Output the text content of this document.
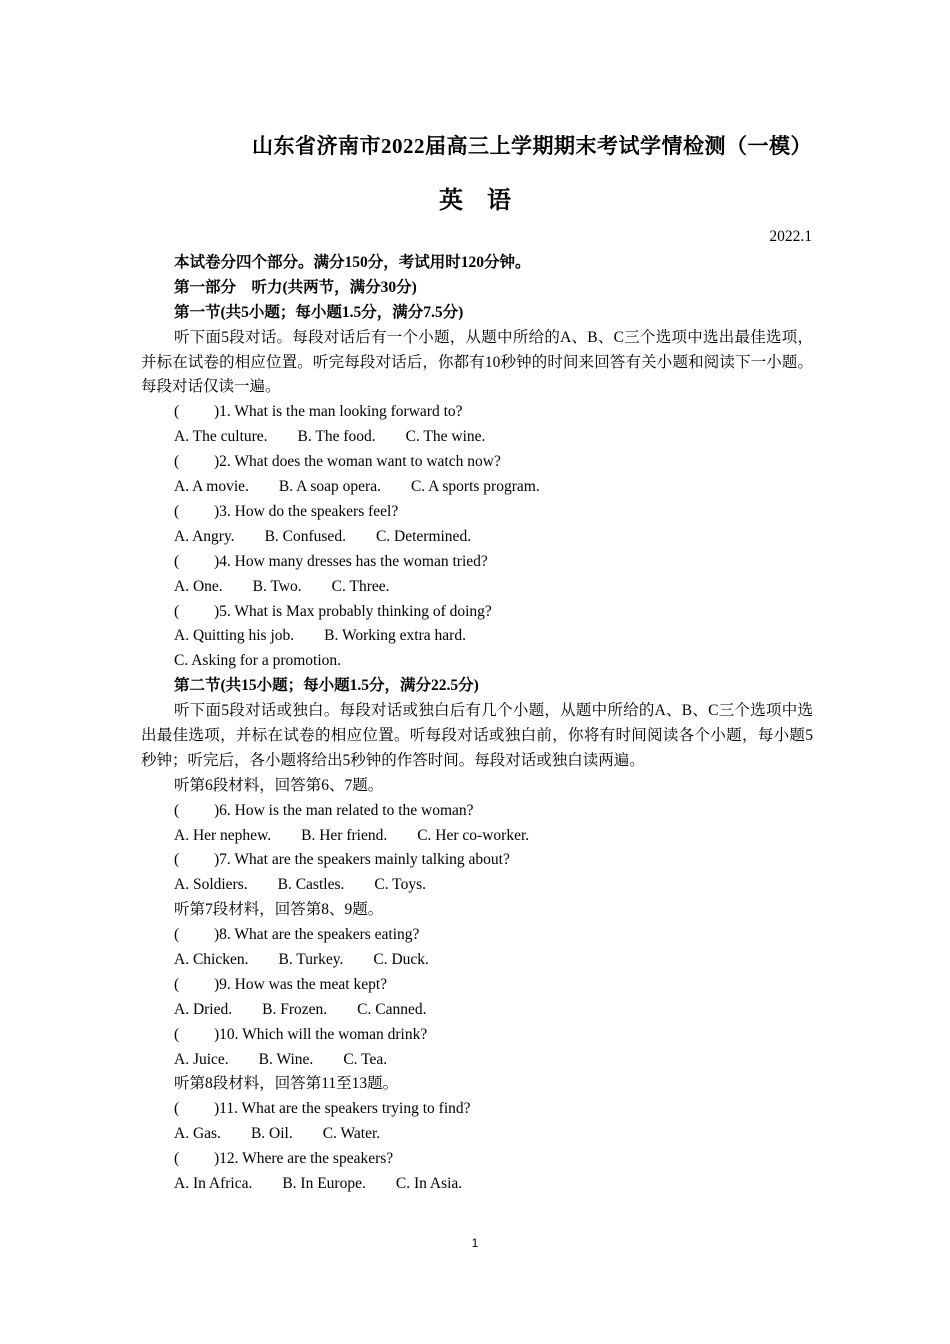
山东省济南市2022届高三上学期期末考试学情检测（一模）
英    语
2022.1
本试卷分四个部分。满分150分，考试用时120分钟。
第一部分    听力(共两节，满分30分)
第一节(共5小题；每小题1.5分，满分7.5分)
听下面5段对话。每段对话后有一个小题，从题中所给的A、B、C三个选项中选出最佳选项，并标在试卷的相应位置。听完每段对话后，你都有10秒钟的时间来回答有关小题和阅读下一小题。每段对话仅读一遍。
( )1. What is the man looking forward to?
A. The culture. B. The food. C. The wine.
( )2. What does the woman want to watch now?
A. A movie. B. A soap opera. C. A sports program.
( )3. How do the speakers feel?
A. Angry. B. Confused. C. Determined.
( )4. How many dresses has the woman tried?
A. One. B. Two. C. Three.
( )5. What is Max probably thinking of doing?
A. Quitting his job. B. Working extra hard.
C. Asking for a promotion.
第二节(共15小题；每小题1.5分，满分22.5分)
听下面5段对话或独白。每段对话或独白后有几个小题，从题中所给的A、B、C三个选项中选出最佳选项，并标在试卷的相应位置。听每段对话或独白前，你将有时间阅读各个小题，每小题5秒钟；听完后，各小题将给出5秒钟的作答时间。每段对话或独白读两遍。
听第6段材料，回答第6、7题。
( )6. How is the man related to the woman?
A. Her nephew. B. Her friend. C. Her co-worker.
( )7. What are the speakers mainly talking about?
A. Soldiers. B. Castles. C. Toys.
听第7段材料，回答第8、9题。
( )8. What are the speakers eating?
A. Chicken. B. Turkey. C. Duck.
( )9. How was the meat kept?
A. Dried. B. Frozen. C. Canned.
( )10. Which will the woman drink?
A. Juice. B. Wine. C. Tea.
听第8段材料，回答第11至13题。
( )11. What are the speakers trying to find?
A. Gas. B. Oil. C. Water.
( )12. Where are the speakers?
A. In Africa. B. In Europe. C. In Asia.
1
